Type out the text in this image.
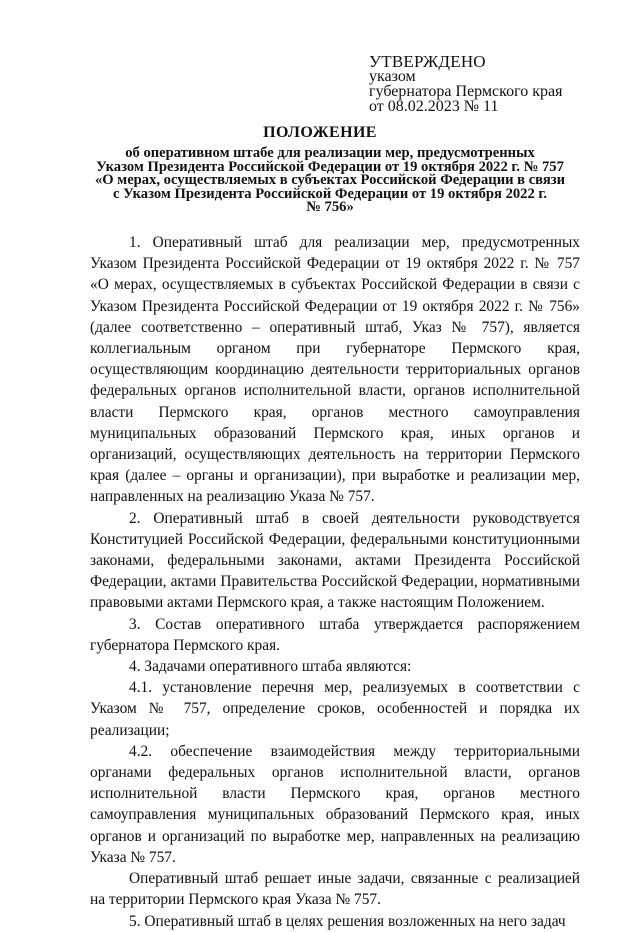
УТВЕРЖДЕНО
указом
губернатора Пермского края
от 08.02.2023 № 11
ПОЛОЖЕНИЕ
об оперативном штабе для реализации мер, предусмотренных
Указом Президента Российской Федерации от 19 октября 2022 г. № 757
«О мерах, осуществляемых в субъектах Российской Федерации в связи
с Указом Президента Российской Федерации от 19 октября 2022 г.
№ 756»

1. Оперативный штаб для реализации мер, предусмотренных Указом Президента Российской Федерации от 19 октября 2022 г. № 757 «О мерах, осуществляемых в субъектах Российской Федерации в связи с Указом Президента Российской Федерации от 19 октября 2022 г. № 756» (далее соответственно – оперативный штаб, Указ № 757), является коллегиальным органом при губернаторе Пермского края, осуществляющим координацию деятельности территориальных органов федеральных органов исполнительной власти, органов исполнительной власти Пермского края, органов местного самоуправления муниципальных образований Пермского края, иных органов и организаций, осуществляющих деятельность на территории Пермского края (далее – органы и организации), при выработке и реализации мер, направленных на реализацию Указа № 757.

2. Оперативный штаб в своей деятельности руководствуется Конституцией Российской Федерации, федеральными конституционными законами, федеральными законами, актами Президента Российской Федерации, актами Правительства Российской Федерации, нормативными правовыми актами Пермского края, а также настоящим Положением.

3. Состав оперативного штаба утверждается распоряжением губернатора Пермского края.

4. Задачами оперативного штаба являются:

4.1. установление перечня мер, реализуемых в соответствии с Указом № 757, определение сроков, особенностей и порядка их реализации;

4.2. обеспечение взаимодействия между территориальными органами федеральных органов исполнительной власти, органов исполнительной власти Пермского края, органов местного самоуправления муниципальных образований Пермского края, иных органов и организаций по выработке мер, направленных на реализацию Указа № 757.

Оперативный штаб решает иные задачи, связанные с реализацией на территории Пермского края Указа № 757.

5. Оперативный штаб в целях решения возложенных на него задач
